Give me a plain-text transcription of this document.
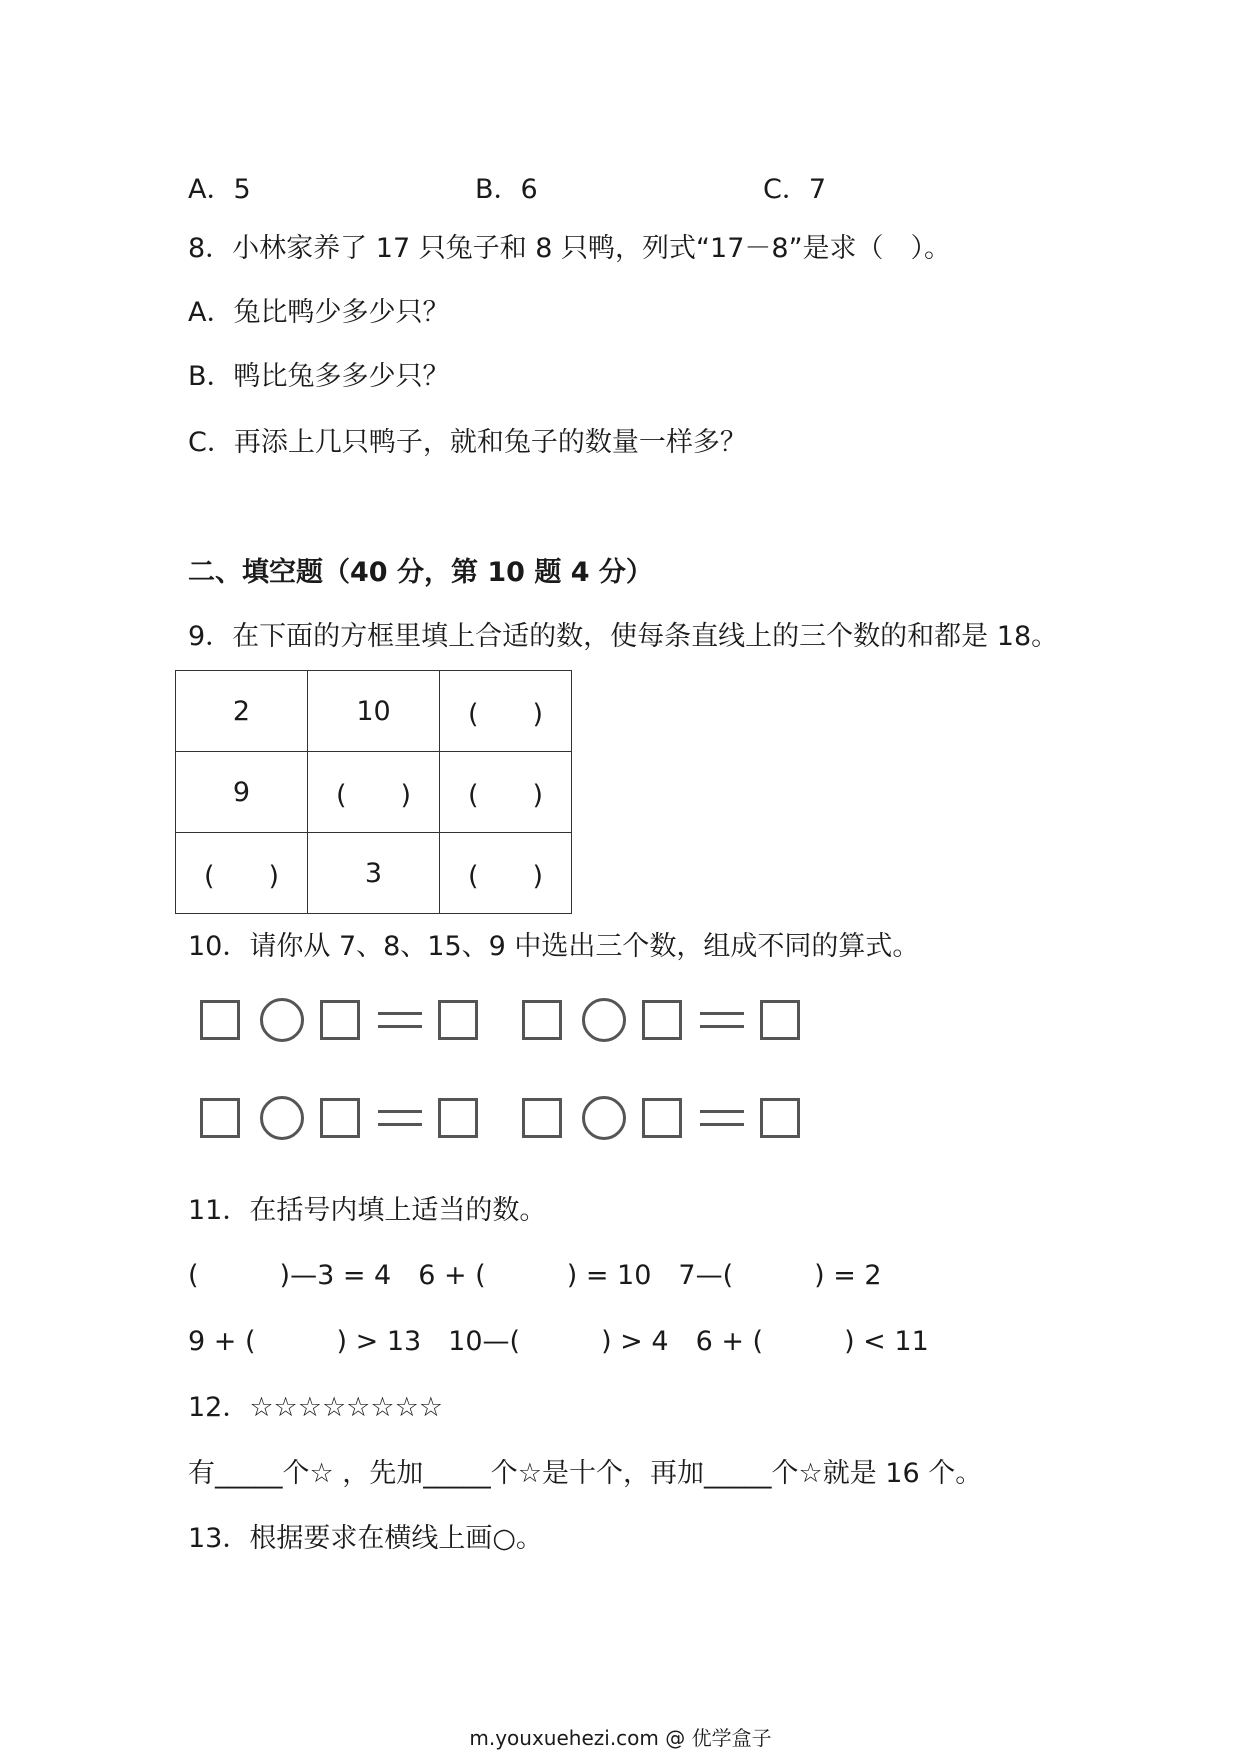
A．5	B．6	C．7
8．小林家养了 17 只兔子和 8 只鸭，列式“17－8”是求（　）。
A．兔比鸭少多少只？
B．鸭比兔多多少只？
C．再添上几只鸭子，就和兔子的数量一样多？
二、填空题（40 分，第 10 题 4 分）
9．在下面的方框里填上合适的数，使每条直线上的三个数的和都是 18。
2	10	(　　)
9	(　　)	(　　)
(　　)	3	(　　)
10．请你从 7、8、15、9 中选出三个数，组成不同的算式。
11．在括号内填上适当的数。
(　　　)—3 = 4　6 + (　　　) = 10　7—(　　　) = 2
9 + (　　　) > 13　10—(　　　) > 4　6 + (　　　) < 11
12．☆☆☆☆☆☆☆☆
有_____个☆ ，先加_____个☆是十个，再加_____个☆就是 16 个。
13．根据要求在横线上画○。
m.youxuehezi.com @ 优学盒子
